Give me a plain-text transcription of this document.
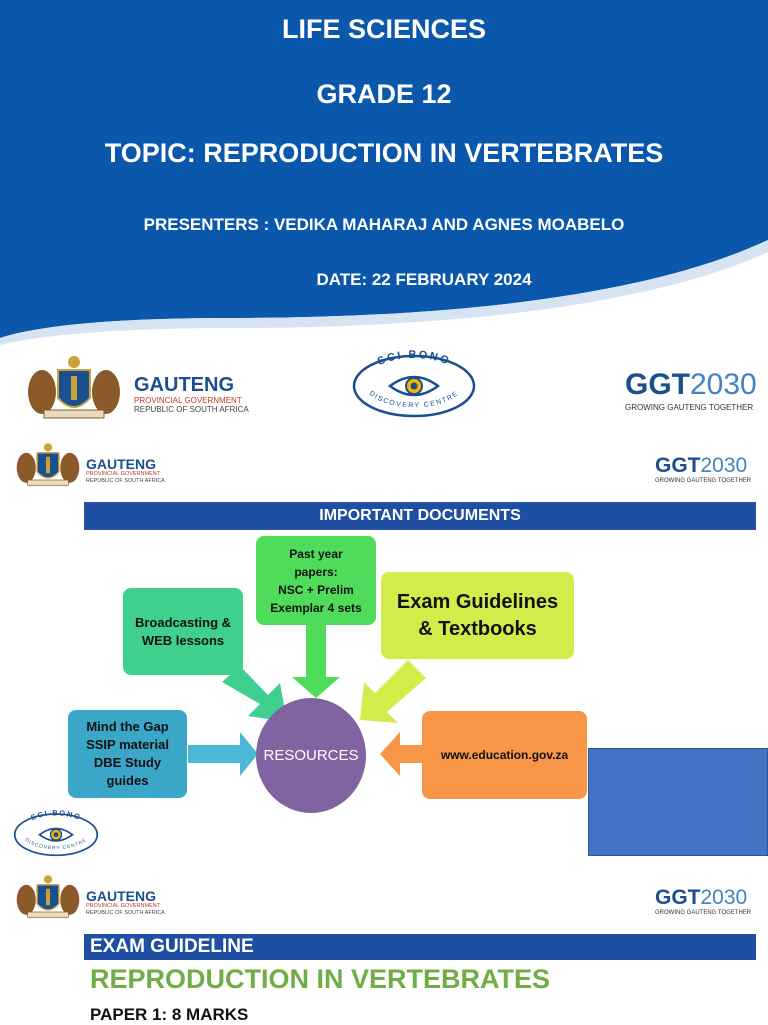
LIFE SCIENCES
GRADE 12
TOPIC: REPRODUCTION IN VERTEBRATES
PRESENTERS : VEDIKA MAHARAJ AND AGNES MOABELO
DATE: 22 FEBRUARY 2024
GAUTENG
PROVINCIAL GOVERNMENT
REPUBLIC OF SOUTH AFRICA
SCI-BONO
DISCOVERY CENTRE	GGT2030
GROWING GAUTENG TOGETHER
GAUTENG
PROVINCIAL GOVERNMENT
REPUBLIC OF SOUTH AFRICA
GGT2030
GROWING GAUTENG TOGETHER
IMPORTANT DOCUMENTS
Past year
papers:
NSC + Prelim
Exemplar 4 sets
Broadcasting &
WEB lessons
Exam Guidelines
& Textbooks
Mind the Gap
SSIP material
DBE Study
guides
RESOURCES	www.education.gov.za
SCI-BONO
DISCOVERY CENTRE
GAUTENG
PROVINCIAL GOVERNMENT
REPUBLIC OF SOUTH AFRICA
GGT2030
GROWING GAUTENG TOGETHER
EXAM GUIDELINE
REPRODUCTION IN VERTEBRATES
PAPER 1: 8 MARKS
